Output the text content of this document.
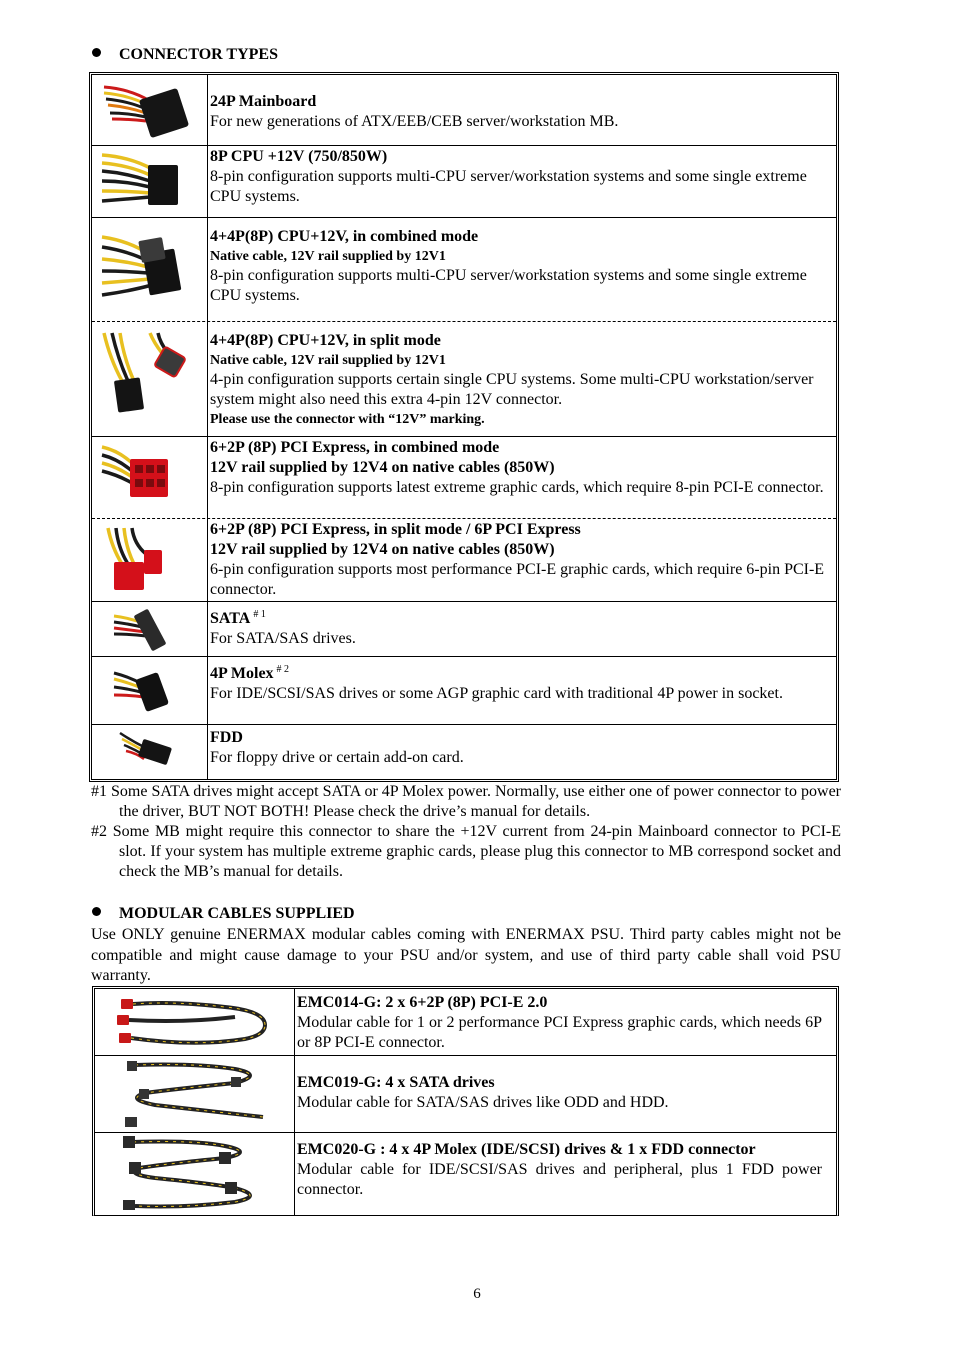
CONNECTOR TYPES
24P Mainboard
For new generations of ATX/EEB/CEB server/workstation MB.
8P CPU +12V (750/850W)
8-pin configuration supports multi-CPU server/workstation systems and some single extreme CPU systems.
4+4P(8P) CPU+12V, in combined mode
Native cable, 12V rail supplied by 12V1
8-pin configuration supports multi-CPU server/workstation systems and some single extreme CPU systems.
4+4P(8P) CPU+12V, in split mode
Native cable, 12V rail supplied by 12V1
4-pin configuration supports certain single CPU systems. Some multi-CPU workstation/server system might also need this extra 4-pin 12V connector.
Please use the connector with “12V” marking.
6+2P (8P) PCI Express, in combined mode
12V rail supplied by 12V4 on native cables (850W)
8-pin configuration supports latest extreme graphic cards, which require 8-pin PCI-E connector.
6+2P (8P) PCI Express, in split mode / 6P PCI Express
12V rail supplied by 12V4 on native cables (850W)
6-pin configuration supports most performance PCI-E graphic cards, which require 6-pin PCI-E connector.
SATA $^{\# 1}$
For SATA/SAS drives.
4P Molex $^{\# 2}$
For IDE/SCSI/SAS drives or some AGP graphic card with traditional 4P power in socket.
FDD
For floppy drive or certain add-on card.
#1 Some SATA drives might accept SATA or 4P Molex power. Normally, use either one of power connector to power the driver, BUT NOT BOTH! Please check the drive’s manual for details.
#2 Some MB might require this connector to share the +12V current from 24-pin Mainboard connector to PCI-E slot. If your system has multiple extreme graphic cards, please plug this connector to MB correspond socket and check the MB’s manual for details.
MODULAR CABLES SUPPLIED
Use ONLY genuine ENERMAX modular cables coming with ENERMAX PSU. Third party cables might not be compatible and might cause damage to your PSU and/or system, and use of third party cable shall void PSU warranty.
EMC014-G: 2 x 6+2P (8P) PCI-E 2.0
Modular cable for 1 or 2 performance PCI Express graphic cards, which needs 6P or 8P PCI-E connector.
EMC019-G: 4 x SATA drives
Modular cable for SATA/SAS drives like ODD and HDD.
EMC020-G : 4 x 4P Molex (IDE/SCSI) drives & 1 x FDD connector
Modular cable for IDE/SCSI/SAS drives and peripheral, plus 1 FDD power connector.
6
